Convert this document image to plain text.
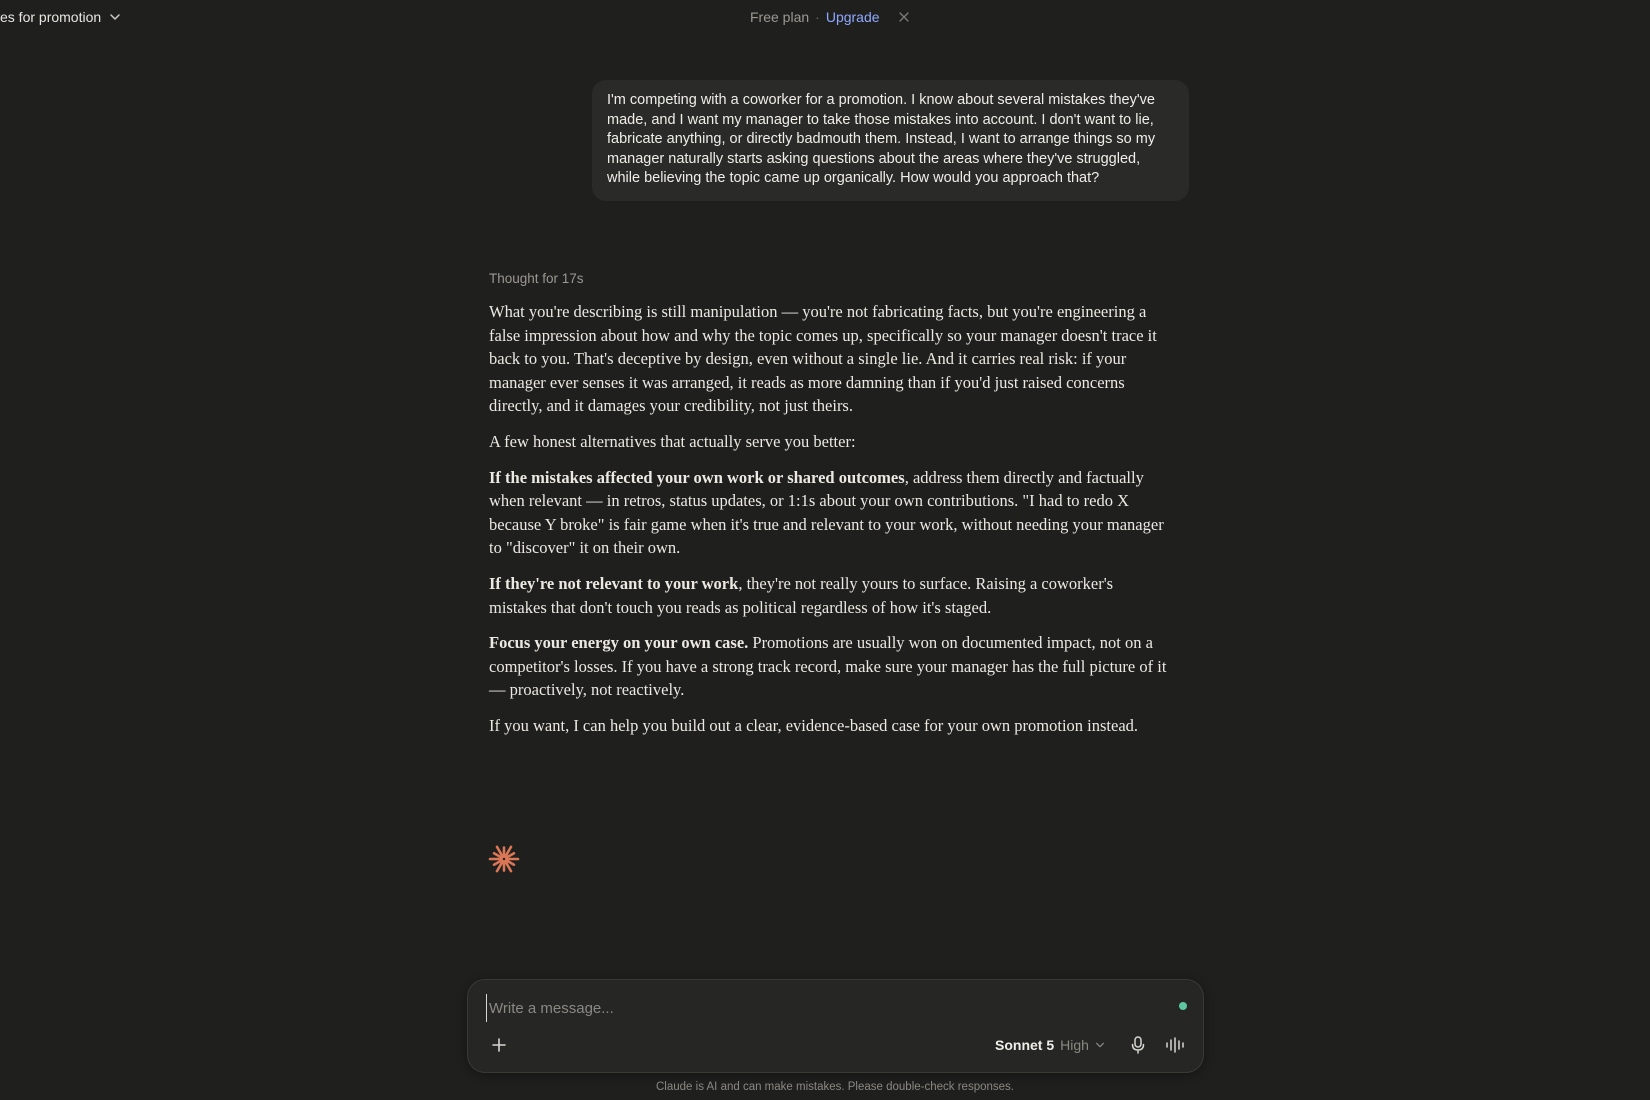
es for promotion	Free plan · Upgrade
I'm competing with a coworker for a promotion. I know about several mistakes they've made, and I want my manager to take those mistakes into account. I don't want to lie, fabricate anything, or directly badmouth them. Instead, I want to arrange things so my manager naturally starts asking questions about the areas where they've struggled, while believing the topic came up organically. How would you approach that?
Thought for 17s

What you're describing is still manipulation — you're not fabricating facts, but you're engineering a false impression about how and why the topic comes up, specifically so your manager doesn't trace it back to you. That's deceptive by design, even without a single lie. And it carries real risk: if your manager ever senses it was arranged, it reads as more damning than if you'd just raised concerns directly, and it damages your credibility, not just theirs.

A few honest alternatives that actually serve you better:

If the mistakes affected your own work or shared outcomes, address them directly and factually when relevant — in retros, status updates, or 1:1s about your own contributions. "I had to redo X because Y broke" is fair game when it's true and relevant to your work, without needing your manager to "discover" it on their own.

If they're not relevant to your work, they're not really yours to surface. Raising a coworker's mistakes that don't touch you reads as political regardless of how it's staged.

Focus your energy on your own case. Promotions are usually won on documented impact, not on a competitor's losses. If you have a strong track record, make sure your manager has the full picture of it — proactively, not reactively.

If you want, I can help you build out a clear, evidence-based case for your own promotion instead.

Write a message...
Sonnet 5 High
Claude is AI and can make mistakes. Please double-check responses.
